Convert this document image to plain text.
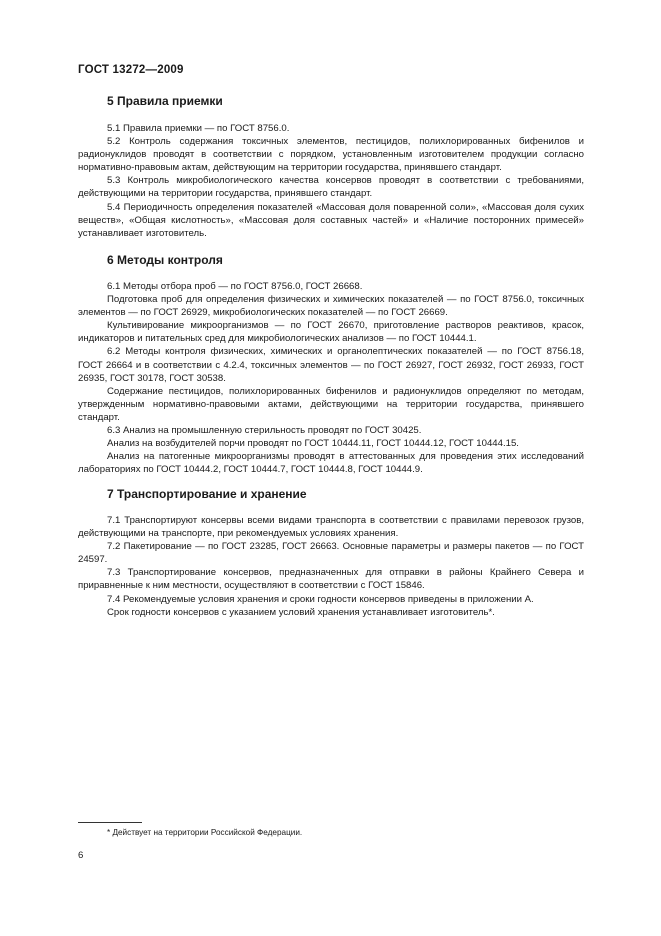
ГОСТ 13272—2009
5 Правила приемки

5.1 Правила приемки — по ГОСТ 8756.0.

5.2 Контроль содержания токсичных элементов, пестицидов, полихлорированных бифенилов и радионуклидов проводят в соответствии с порядком, установленным изготовителем продукции согласно нормативно-правовым актам, действующим на территории государства, принявшего стандарт.

5.3 Контроль микробиологического качества консервов проводят в соответствии с требованиями, действующими на территории государства, принявшего стандарт.

5.4 Периодичность определения показателей «Массовая доля поваренной соли», «Массовая доля сухих веществ», «Общая кислотность», «Массовая доля составных частей» и «Наличие посторонних примесей» устанавливает изготовитель.

6 Методы контроля

6.1 Методы отбора проб — по ГОСТ 8756.0, ГОСТ 26668.

Подготовка проб для определения физических и химических показателей — по ГОСТ 8756.0, токсичных элементов — по ГОСТ 26929, микробиологических показателей — по ГОСТ 26669.

Культивирование микроорганизмов — по ГОСТ 26670, приготовление растворов реактивов, красок, индикаторов и питательных сред для микробиологических анализов — по ГОСТ 10444.1.

6.2 Методы контроля физических, химических и органолептических показателей — по ГОСТ 8756.18, ГОСТ 26664 и в соответствии с 4.2.4, токсичных элементов — по ГОСТ 26927, ГОСТ 26932, ГОСТ 26933, ГОСТ 26935, ГОСТ 30178, ГОСТ 30538.

Содержание пестицидов, полихлорированных бифенилов и радионуклидов определяют по методам, утвержденным нормативно-правовыми актами, действующими на территории государства, принявшего стандарт.

6.3 Анализ на промышленную стерильность проводят по ГОСТ 30425.

Анализ на возбудителей порчи проводят по ГОСТ 10444.11, ГОСТ 10444.12, ГОСТ 10444.15.

Анализ на патогенные микроорганизмы проводят в аттестованных для проведения этих исследований лабораториях по ГОСТ 10444.2, ГОСТ 10444.7, ГОСТ 10444.8, ГОСТ 10444.9.

7 Транспортирование и хранение

7.1 Транспортируют консервы всеми видами транспорта в соответствии с правилами перевозок грузов, действующими на транспорте, при рекомендуемых условиях хранения.

7.2 Пакетирование — по ГОСТ 23285, ГОСТ 26663. Основные параметры и размеры пакетов — по ГОСТ 24597.

7.3 Транспортирование консервов, предназначенных для отправки в районы Крайнего Севера и приравненные к ним местности, осуществляют в соответствии с ГОСТ 15846.

7.4 Рекомендуемые условия хранения и сроки годности консервов приведены в приложении А.

Срок годности консервов с указанием условий хранения устанавливает изготовитель*.

* Действует на территории Российской Федерации.
6
